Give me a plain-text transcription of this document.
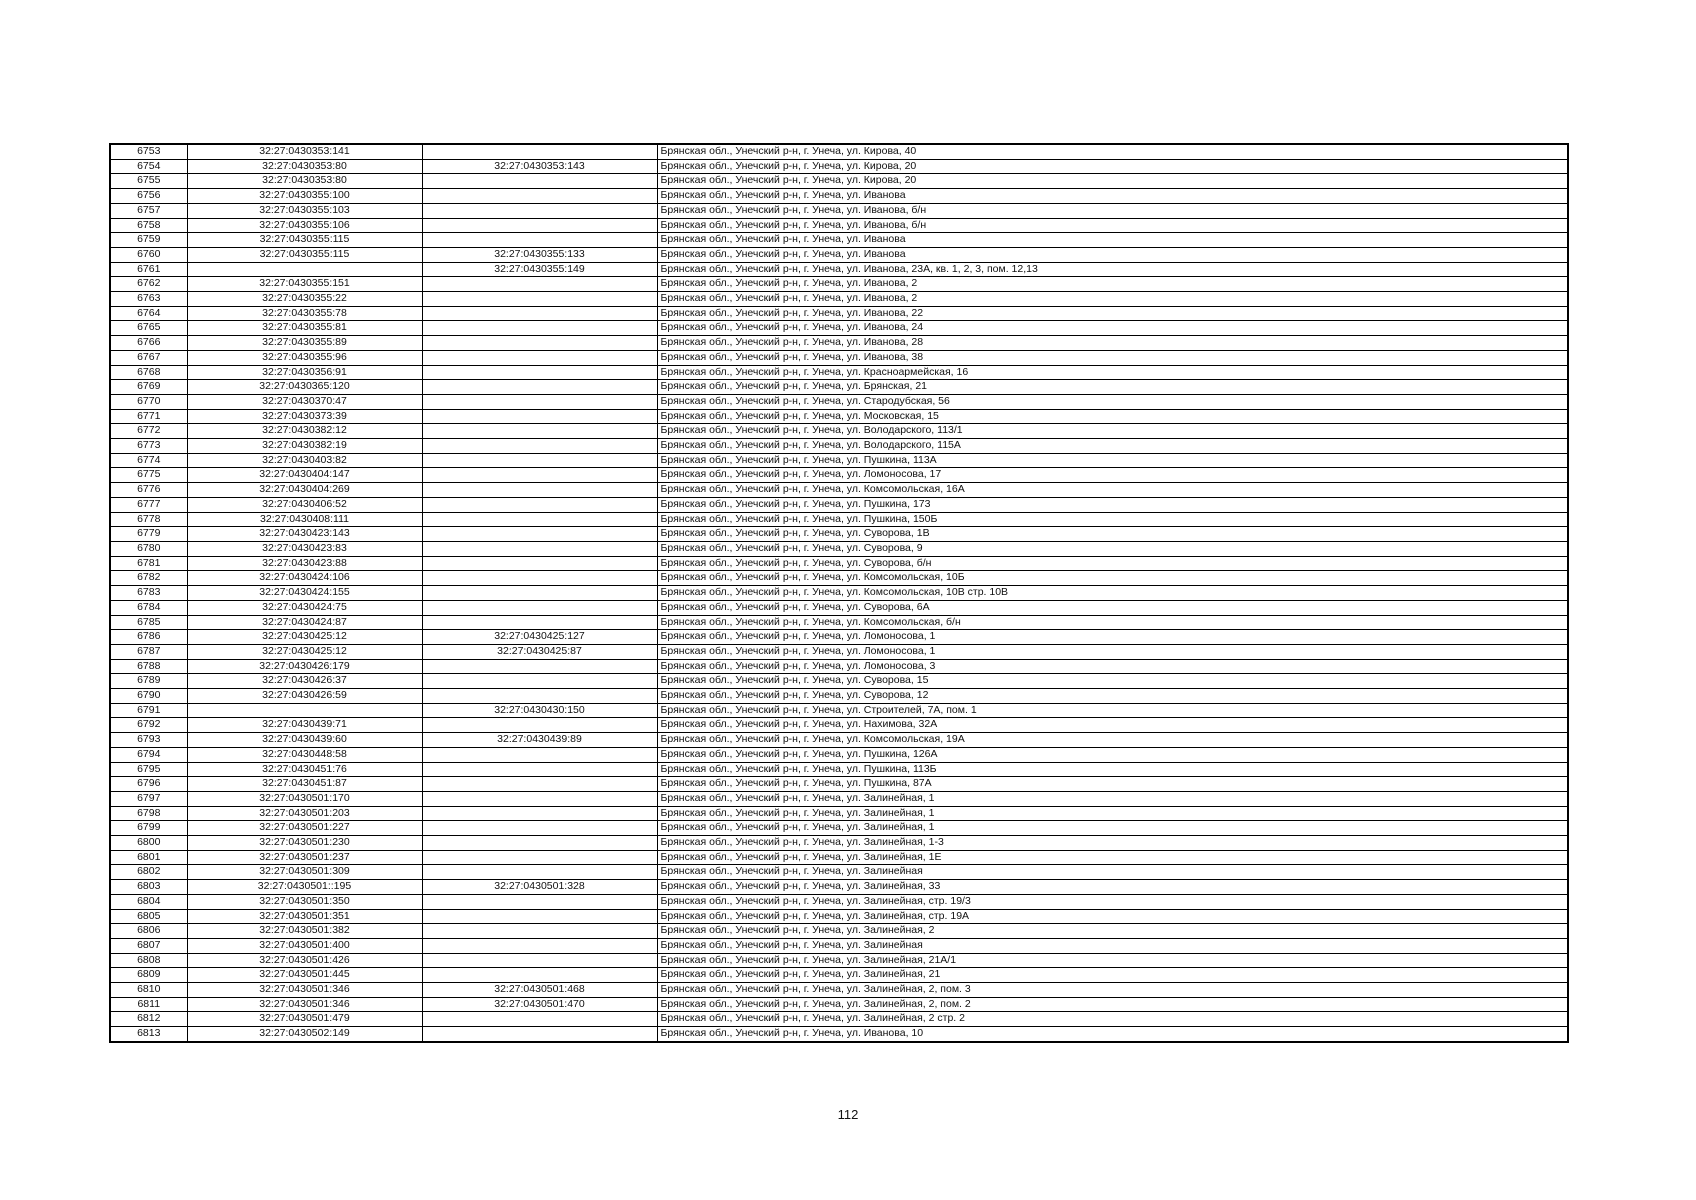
6753	32:27:0430353:141		Брянская обл., Унечский р-н, г. Унеча, ул. Кирова, 40
6754	32:27:0430353:80	32:27:0430353:143	Брянская обл., Унечский р-н, г. Унеча, ул. Кирова, 20
6755	32:27:0430353:80		Брянская обл., Унечский р-н, г. Унеча, ул. Кирова, 20
6756	32:27:0430355:100		Брянская обл., Унечский р-н, г. Унеча, ул. Иванова
6757	32:27:0430355:103		Брянская обл., Унечский р-н, г. Унеча, ул. Иванова, б/н
6758	32:27:0430355:106		Брянская обл., Унечский р-н, г. Унеча, ул. Иванова, б/н
6759	32:27:0430355:115		Брянская обл., Унечский р-н, г. Унеча, ул. Иванова
6760	32:27:0430355:115	32:27:0430355:133	Брянская обл., Унечский р-н, г. Унеча, ул. Иванова
6761		32:27:0430355:149	Брянская обл., Унечский р-н, г. Унеча, ул. Иванова, 23А, кв. 1, 2, 3, пом. 12,13
6762	32:27:0430355:151		Брянская обл., Унечский р-н, г. Унеча, ул. Иванова, 2
6763	32:27:0430355:22		Брянская обл., Унечский р-н, г. Унеча, ул. Иванова, 2
6764	32:27:0430355:78		Брянская обл., Унечский р-н, г. Унеча, ул. Иванова, 22
6765	32:27:0430355:81		Брянская обл., Унечский р-н, г. Унеча, ул. Иванова, 24
6766	32:27:0430355:89		Брянская обл., Унечский р-н, г. Унеча, ул. Иванова, 28
6767	32:27:0430355:96		Брянская обл., Унечский р-н, г. Унеча, ул. Иванова, 38
6768	32:27:0430356:91		Брянская обл., Унечский р-н, г. Унеча, ул. Красноармейская, 16
6769	32:27:0430365:120		Брянская обл., Унечский р-н, г. Унеча, ул. Брянская, 21
6770	32:27:0430370:47		Брянская обл., Унечский р-н, г. Унеча, ул. Стародубская, 56
6771	32:27:0430373:39		Брянская обл., Унечский р-н, г. Унеча, ул. Московская, 15
6772	32:27:0430382:12		Брянская обл., Унечский р-н, г. Унеча, ул. Володарского, 113/1
6773	32:27:0430382:19		Брянская обл., Унечский р-н, г. Унеча, ул. Володарского, 115А
6774	32:27:0430403:82		Брянская обл., Унечский р-н, г. Унеча, ул. Пушкина, 113А
6775	32:27:0430404:147		Брянская обл., Унечский р-н, г. Унеча, ул. Ломоносова, 17
6776	32:27:0430404:269		Брянская обл., Унечский р-н, г. Унеча, ул. Комсомольская, 16А
6777	32:27:0430406:52		Брянская обл., Унечский р-н, г. Унеча, ул. Пушкина, 173
6778	32:27:0430408:111		Брянская обл., Унечский р-н, г. Унеча, ул. Пушкина, 150Б
6779	32:27:0430423:143		Брянская обл., Унечский р-н, г. Унеча, ул. Суворова, 1В
6780	32:27:0430423:83		Брянская обл., Унечский р-н, г. Унеча, ул. Суворова, 9
6781	32:27:0430423:88		Брянская обл., Унечский р-н, г. Унеча, ул. Суворова, б/н
6782	32:27:0430424:106		Брянская обл., Унечский р-н, г. Унеча, ул. Комсомольская, 10Б
6783	32:27:0430424:155		Брянская обл., Унечский р-н, г. Унеча, ул. Комсомольская, 10В стр. 10В
6784	32:27:0430424:75		Брянская обл., Унечский р-н, г. Унеча, ул. Суворова, 6А
6785	32:27:0430424:87		Брянская обл., Унечский р-н, г. Унеча, ул. Комсомольская, б/н
6786	32:27:0430425:12	32:27:0430425:127	Брянская обл., Унечский р-н, г. Унеча, ул. Ломоносова, 1
6787	32:27:0430425:12	32:27:0430425:87	Брянская обл., Унечский р-н, г. Унеча, ул. Ломоносова, 1
6788	32:27:0430426:179		Брянская обл., Унечский р-н, г. Унеча, ул. Ломоносова, 3
6789	32:27:0430426:37		Брянская обл., Унечский р-н, г. Унеча, ул. Суворова, 15
6790	32:27:0430426:59		Брянская обл., Унечский р-н, г. Унеча, ул. Суворова, 12
6791		32:27:0430430:150	Брянская обл., Унечский р-н, г. Унеча, ул. Строителей, 7А, пом. 1
6792	32:27:0430439:71		Брянская обл., Унечский р-н, г. Унеча, ул. Нахимова, 32А
6793	32:27:0430439:60	32:27:0430439:89	Брянская обл., Унечский р-н, г. Унеча, ул. Комсомольская, 19А
6794	32:27:0430448:58		Брянская обл., Унечский р-н, г. Унеча, ул. Пушкина, 126А
6795	32:27:0430451:76		Брянская обл., Унечский р-н, г. Унеча, ул. Пушкина, 113Б
6796	32:27:0430451:87		Брянская обл., Унечский р-н, г. Унеча, ул. Пушкина, 87А
6797	32:27:0430501:170		Брянская обл., Унечский р-н, г. Унеча, ул. Залинейная, 1
6798	32:27:0430501:203		Брянская обл., Унечский р-н, г. Унеча, ул. Залинейная, 1
6799	32:27:0430501:227		Брянская обл., Унечский р-н, г. Унеча, ул. Залинейная, 1
6800	32:27:0430501:230		Брянская обл., Унечский р-н, г. Унеча, ул. Залинейная, 1-3
6801	32:27:0430501:237		Брянская обл., Унечский р-н, г. Унеча, ул. Залинейная, 1Е
6802	32:27:0430501:309		Брянская обл., Унечский р-н, г. Унеча, ул. Залинейная
6803	32:27:0430501::195	32:27:0430501:328	Брянская обл., Унечский р-н, г. Унеча, ул. Залинейная, 33
6804	32:27:0430501:350		Брянская обл., Унечский р-н, г. Унеча, ул. Залинейная, стр. 19/3
6805	32:27:0430501:351		Брянская обл., Унечский р-н, г. Унеча, ул. Залинейная, стр. 19А
6806	32:27:0430501:382		Брянская обл., Унечский р-н, г. Унеча, ул. Залинейная, 2
6807	32:27:0430501:400		Брянская обл., Унечский р-н, г. Унеча, ул. Залинейная
6808	32:27:0430501:426		Брянская обл., Унечский р-н, г. Унеча, ул. Залинейная, 21А/1
6809	32:27:0430501:445		Брянская обл., Унечский р-н, г. Унеча, ул. Залинейная, 21
6810	32:27:0430501:346	32:27:0430501:468	Брянская обл., Унечский р-н, г. Унеча, ул. Залинейная, 2, пом. 3
6811	32:27:0430501:346	32:27:0430501:470	Брянская обл., Унечский р-н, г. Унеча, ул. Залинейная, 2, пом. 2
6812	32:27:0430501:479		Брянская обл., Унечский р-н, г. Унеча, ул. Залинейная, 2 стр. 2
6813	32:27:0430502:149		Брянская обл., Унечский р-н, г. Унеча, ул. Иванова, 10
112
